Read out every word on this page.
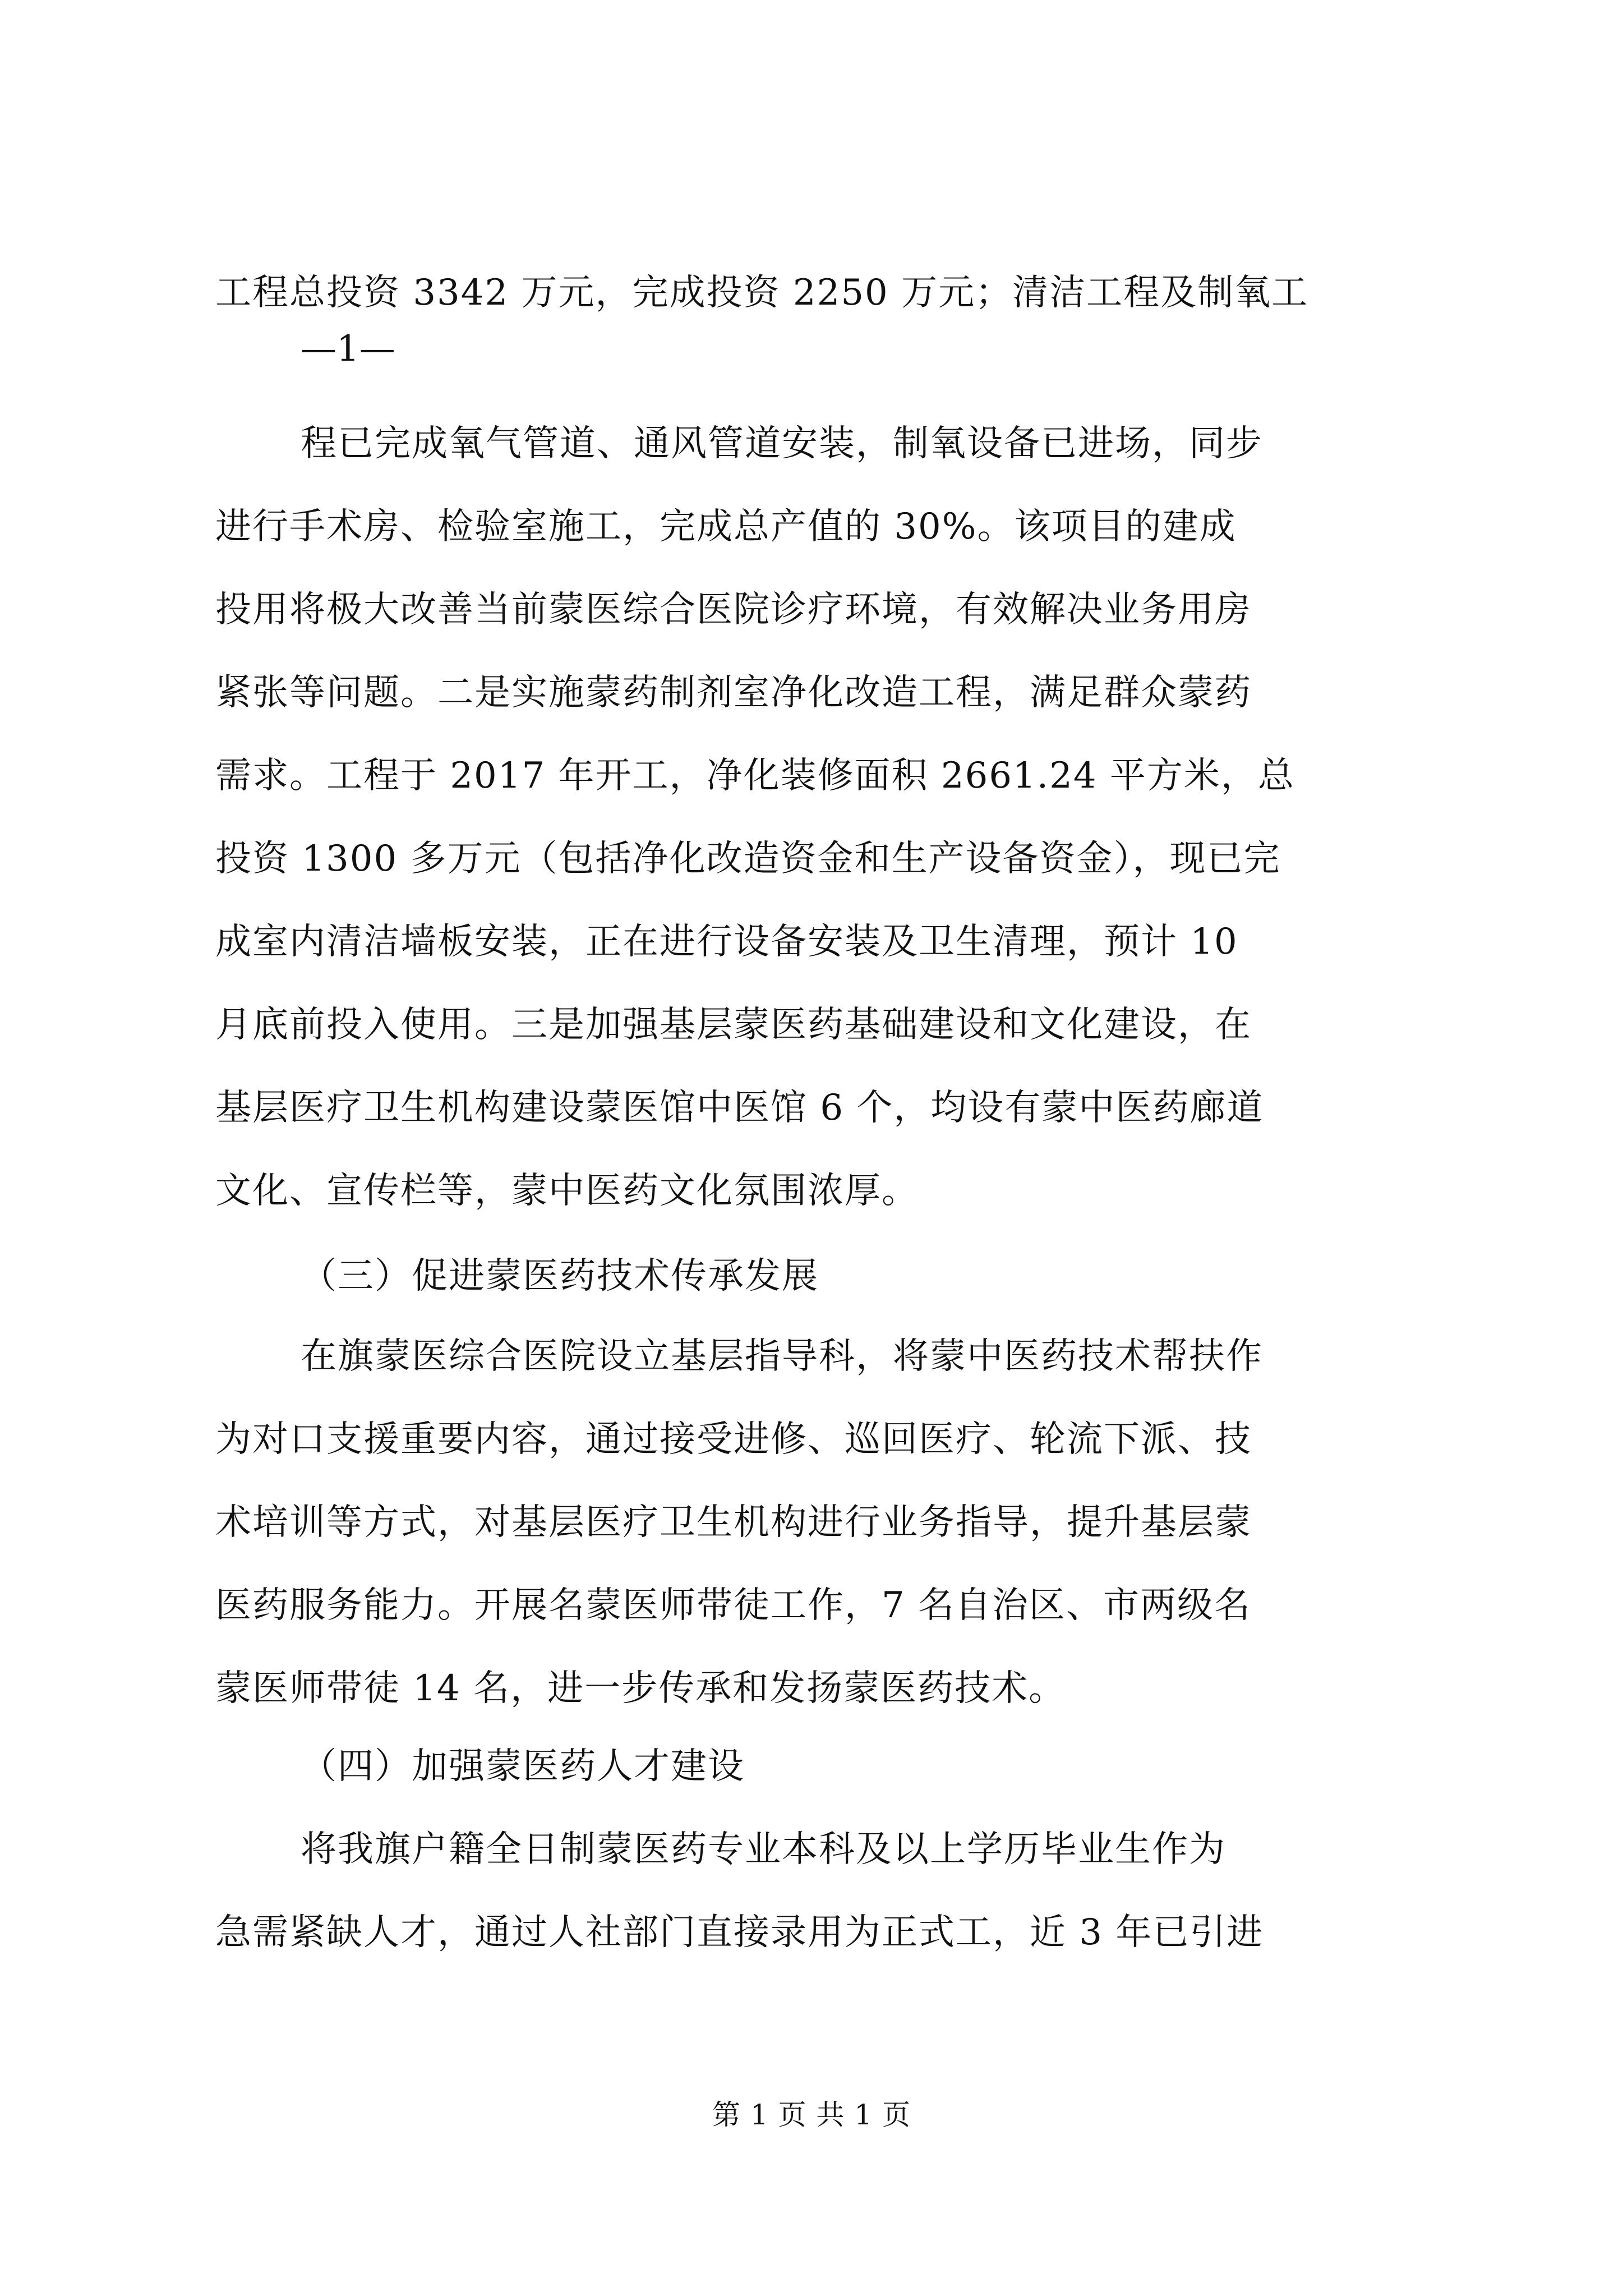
工程总投资 3342 万元，完成投资 2250 万元；清洁工程及制氧工
—1—
程已完成氧气管道、通风管道安装，制氧设备已进场，同步
进行手术房、检验室施工，完成总产值的 30%。该项目的建成
投用将极大改善当前蒙医综合医院诊疗环境，有效解决业务用房
紧张等问题。二是实施蒙药制剂室净化改造工程，满足群众蒙药
需求。工程于 2017 年开工，净化装修面积 2661.24 平方米，总
投资 1300 多万元（包括净化改造资金和生产设备资金），现已完
成室内清洁墙板安装，正在进行设备安装及卫生清理，预计 10
月底前投入使用。三是加强基层蒙医药基础建设和文化建设，在
基层医疗卫生机构建设蒙医馆中医馆 6 个，均设有蒙中医药廊道
文化、宣传栏等，蒙中医药文化氛围浓厚。
（三）促进蒙医药技术传承发展
在旗蒙医综合医院设立基层指导科，将蒙中医药技术帮扶作
为对口支援重要内容，通过接受进修、巡回医疗、轮流下派、技
术培训等方式，对基层医疗卫生机构进行业务指导，提升基层蒙
医药服务能力。开展名蒙医师带徒工作，7 名自治区、市两级名
蒙医师带徒 14 名，进一步传承和发扬蒙医药技术。
（四）加强蒙医药人才建设
将我旗户籍全日制蒙医药专业本科及以上学历毕业生作为
急需紧缺人才，通过人社部门直接录用为正式工，近 3 年已引进
第 1 页 共 1 页
